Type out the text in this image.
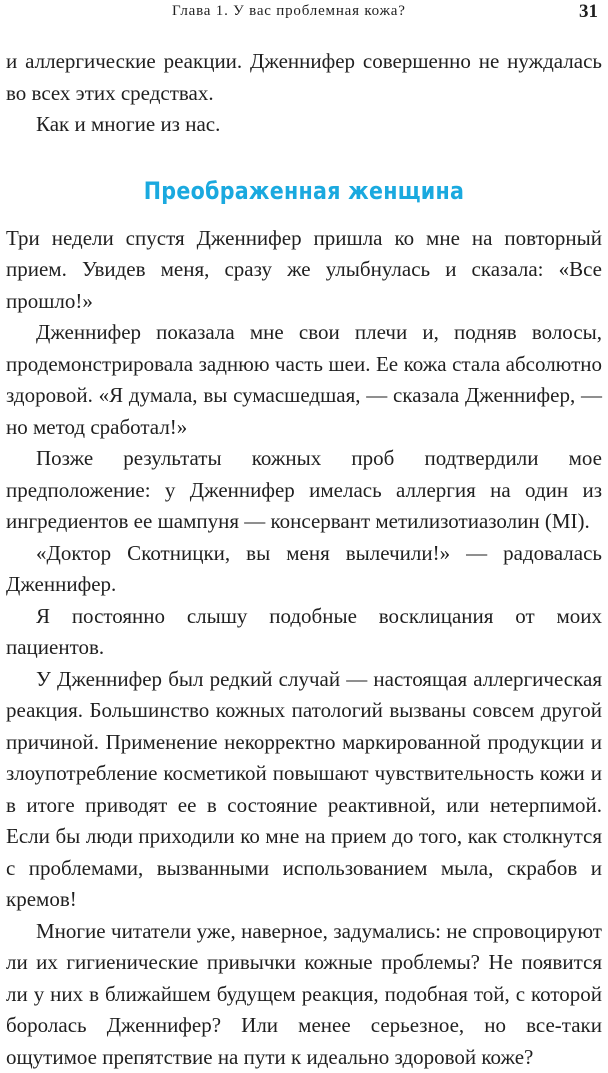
Глава 1. У вас проблемная кожа?	31

и аллергические реакции. Дженнифер совершенно не нуждалась во всех этих средствах.

Как и многие из нас.

Преображенная женщина

Три недели спустя Дженнифер пришла ко мне на повторный прием. Увидев меня, сразу же улыбнулась и сказала: «Все прошло!»

Дженнифер показала мне свои плечи и, подняв волосы, продемонстрировала заднюю часть шеи. Ее кожа стала абсолютно здоровой. «Я думала, вы сумасшедшая, — сказала Дженнифер, — но метод сработал!»

Позже результаты кожных проб подтвердили мое предположение: у Дженнифер имелась аллергия на один из ингредиентов ее шампуня — консервант метилизотиазолин (MI).

«Доктор Скотницки, вы меня вылечили!» — радовалась Дженнифер.

Я постоянно слышу подобные восклицания от моих пациентов.

У Дженнифер был редкий случай — настоящая аллергическая реакция. Большинство кожных патологий вызваны совсем другой причиной. Применение некорректно маркированной продукции и злоупотребление косметикой повышают чувствительность кожи и в итоге приводят ее в состояние реактивной, или нетерпимой. Если бы люди приходили ко мне на прием до того, как столкнутся с проблемами, вызванными использованием мыла, скрабов и кремов!

Многие читатели уже, наверное, задумались: не спровоцируют ли их гигиенические привычки кожные проблемы? Не появится ли у них в ближайшем будущем реакция, подобная той, с которой боролась Дженнифер? Или менее серьезное, но все-таки ощутимое препятствие на пути к идеально здоровой коже?
